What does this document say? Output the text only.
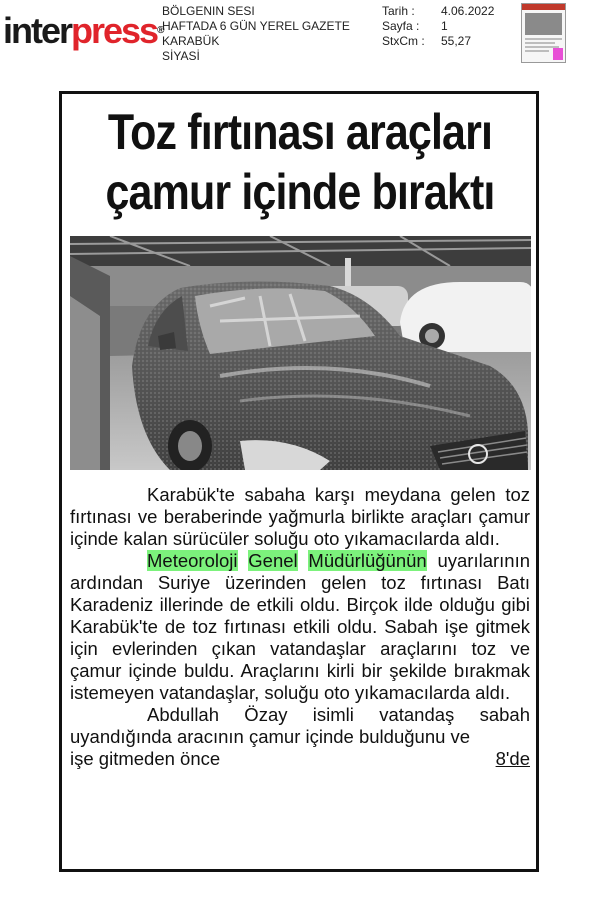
interpress®
BÖLGENIN SESI
HAFTADA 6 GÜN YEREL GAZETE
KARABÜK
SİYASİ
Tarih :
Sayfa :
StxCm :
4.06.2022
1
55,27
Toz fırtınası araçları
çamur içinde bıraktı

Karabük'te sabaha karşı meydana gelen toz fırtınası ve beraberinde yağmurla birlikte araçları çamur içinde kalan sürücüler soluğu oto yıkamacılarda aldı.

Meteoroloji Genel Müdürlüğünün uyarılarının ardından Suriye üzerinden gelen toz fırtınası Batı Karadeniz illerinde de etkili oldu. Birçok ilde olduğu gibi Karabük'te de toz fırtınası etkili oldu. Sabah işe gitmek için evlerinden çıkan vatandaşlar araçlarını toz ve çamur içinde buldu. Araçlarını kirli bir şekilde bırakmak istemeyen vatandaşlar, soluğu oto yıkamacılarda aldı.

Abdullah Özay isimli vatandaş sabah uyandığında aracının çamur içinde bulduğunu ve

işe gitmeden önce	8'de
